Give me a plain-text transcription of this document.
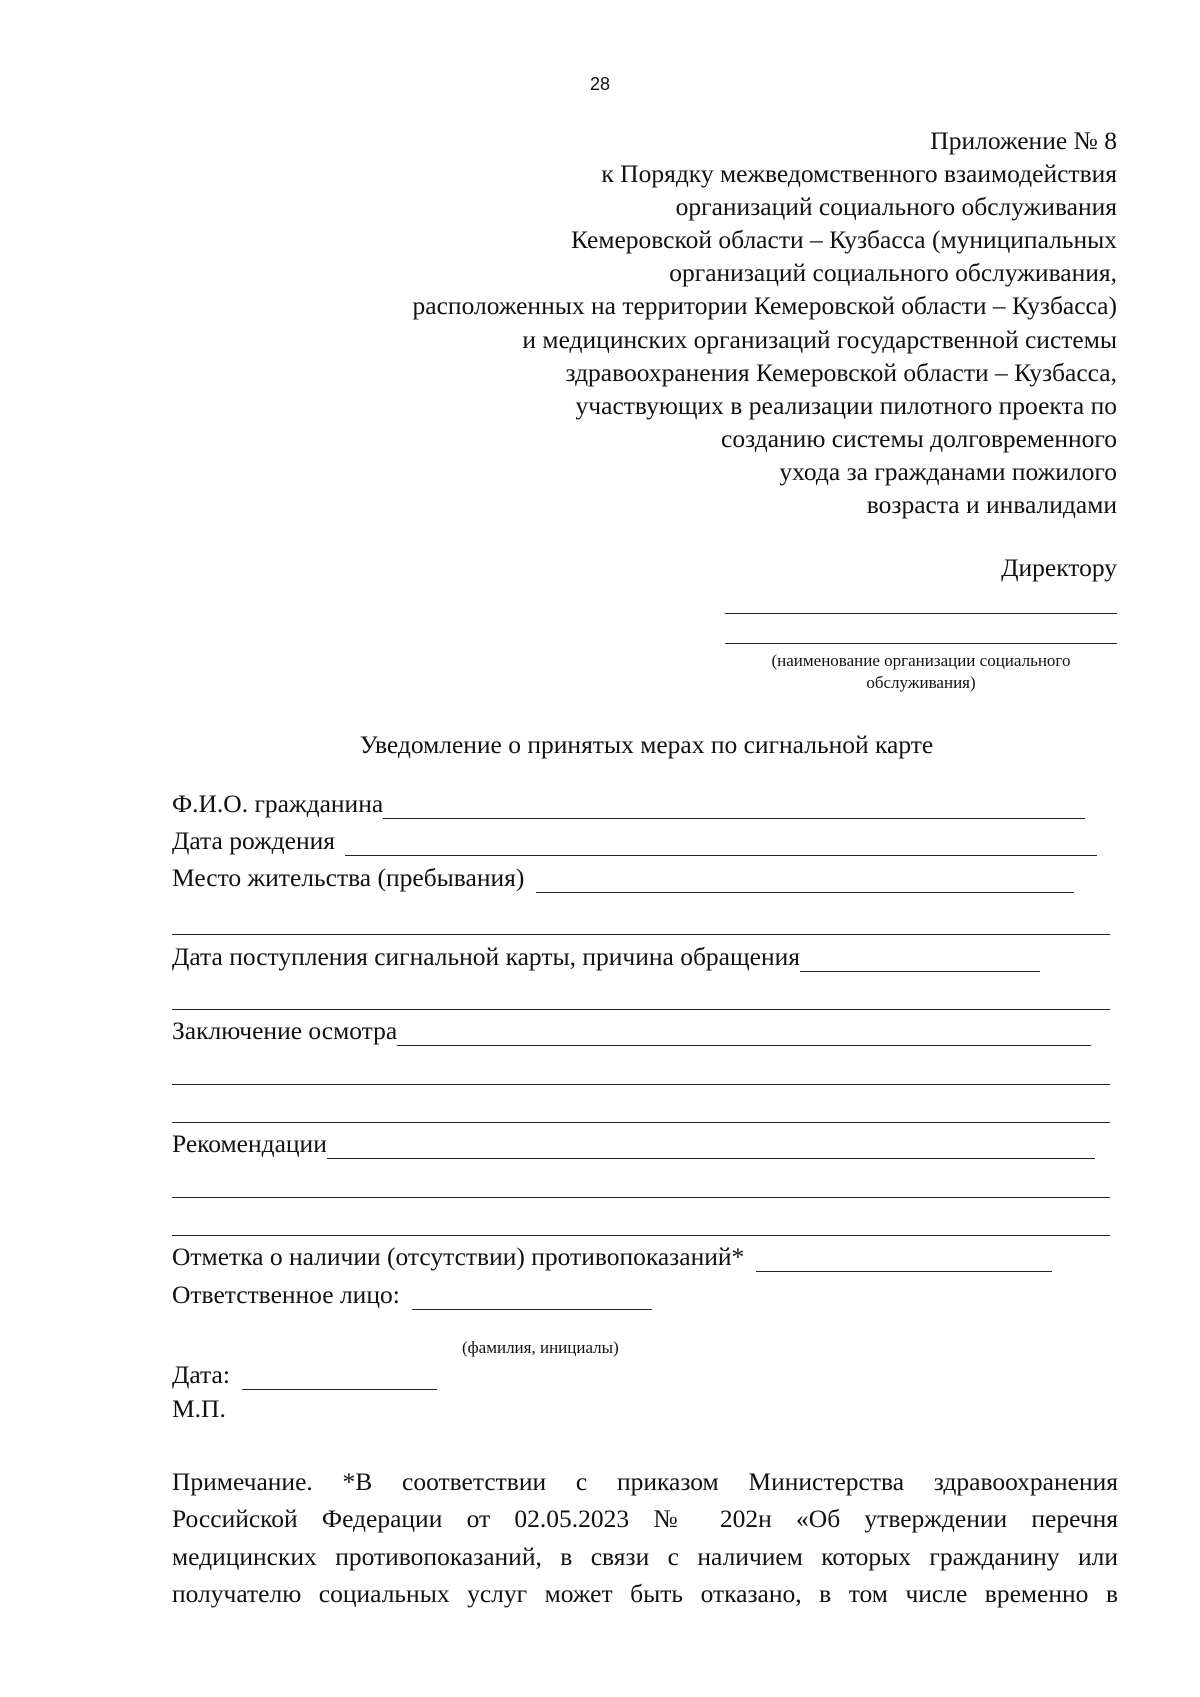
28
Приложение № 8
к Порядку межведомственного взаимодействия
организаций социального обслуживания
Кемеровской области – Кузбасса (муниципальных
организаций социального обслуживания,
расположенных на территории Кемеровской области – Кузбасса)
и медицинских организаций государственной системы
здравоохранения Кемеровской области – Кузбасса,
участвующих в реализации пилотного проекта по
созданию системы долговременного
ухода за гражданами пожилого
возраста и инвалидами
Директору
(наименование организации социального
обслуживания)
Уведомление о принятых мерах по сигнальной карте
Ф.И.О. гражданина
Дата рождения
Место жительства (пребывания)
Дата поступления сигнальной карты, причина обращения
Заключение осмотра
Рекомендации
Отметка о наличии (отсутствии) противопоказаний*
Ответственное лицо:
(фамилия, инициалы)
Дата:
М.П.
Примечание. *В соответствии с приказом Министерства здравоохранения
Российской Федерации от 02.05.2023 № 202н «Об утверждении перечня
медицинских противопоказаний, в связи с наличием которых гражданину или
получателю социальных услуг может быть отказано, в том числе временно в
